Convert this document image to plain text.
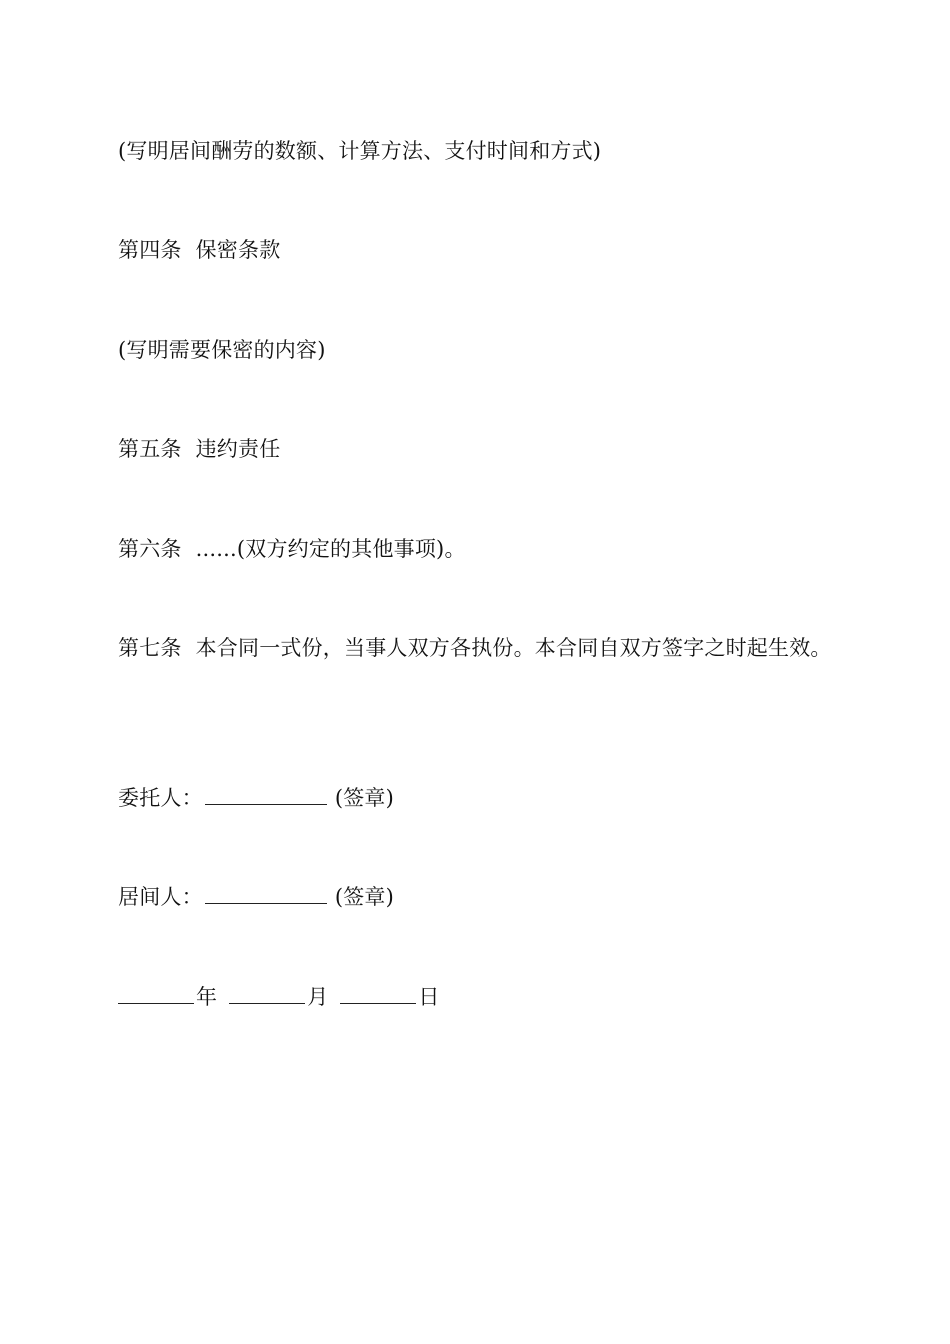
(写明居间酬劳的数额、计算方法、支付时间和方式)
第四条 保密条款
(写明需要保密的内容)
第五条 违约责任
第六条 ......(双方约定的其他事项)。
第七条 本合同一式份，当事人双方各执份。本合同自双方签字之时起生效。
委托人：	(签章)
居间人：	(签章)
年	月	日
